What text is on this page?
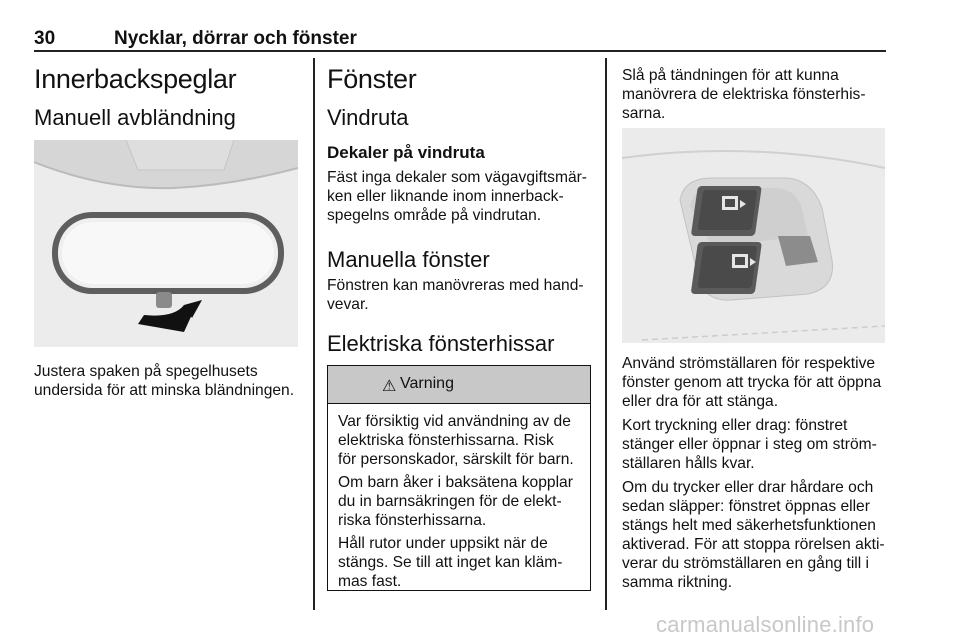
30	Nycklar, dörrar och fönster
Innerbackspeglar
Manuell avbländning
Justera spaken på spegelhusets
undersida för att minska bländningen.
Fönster
Vindruta
Dekaler på vindruta
Fäst inga dekaler som vägavgiftsmär-
ken eller liknande inom innerback-
spegelns område på vindrutan.
Manuella fönster
Fönstren kan manövreras med hand-
vevar.
Elektriska fönsterhissar
⚠ Varning
Var försiktig vid användning av de
elektriska fönsterhissarna. Risk
för personskador, särskilt för barn.
Om barn åker i baksätena kopplar
du in barnsäkringen för de elekt-
riska fönsterhissarna.
Håll rutor under uppsikt när de
stängs. Se till att inget kan kläm-
mas fast.
Slå på tändningen för att kunna
manövrera de elektriska fönsterhis-
sarna.
Använd strömställaren för respektive
fönster genom att trycka för att öppna
eller dra för att stänga.
Kort tryckning eller drag: fönstret
stänger eller öppnar i steg om ström-
ställaren hålls kvar.
Om du trycker eller drar hårdare och
sedan släpper: fönstret öppnas eller
stängs helt med säkerhetsfunktionen
aktiverad. För att stoppa rörelsen akti-
verar du strömställaren en gång till i
samma riktning.
carmanualsonline.info
